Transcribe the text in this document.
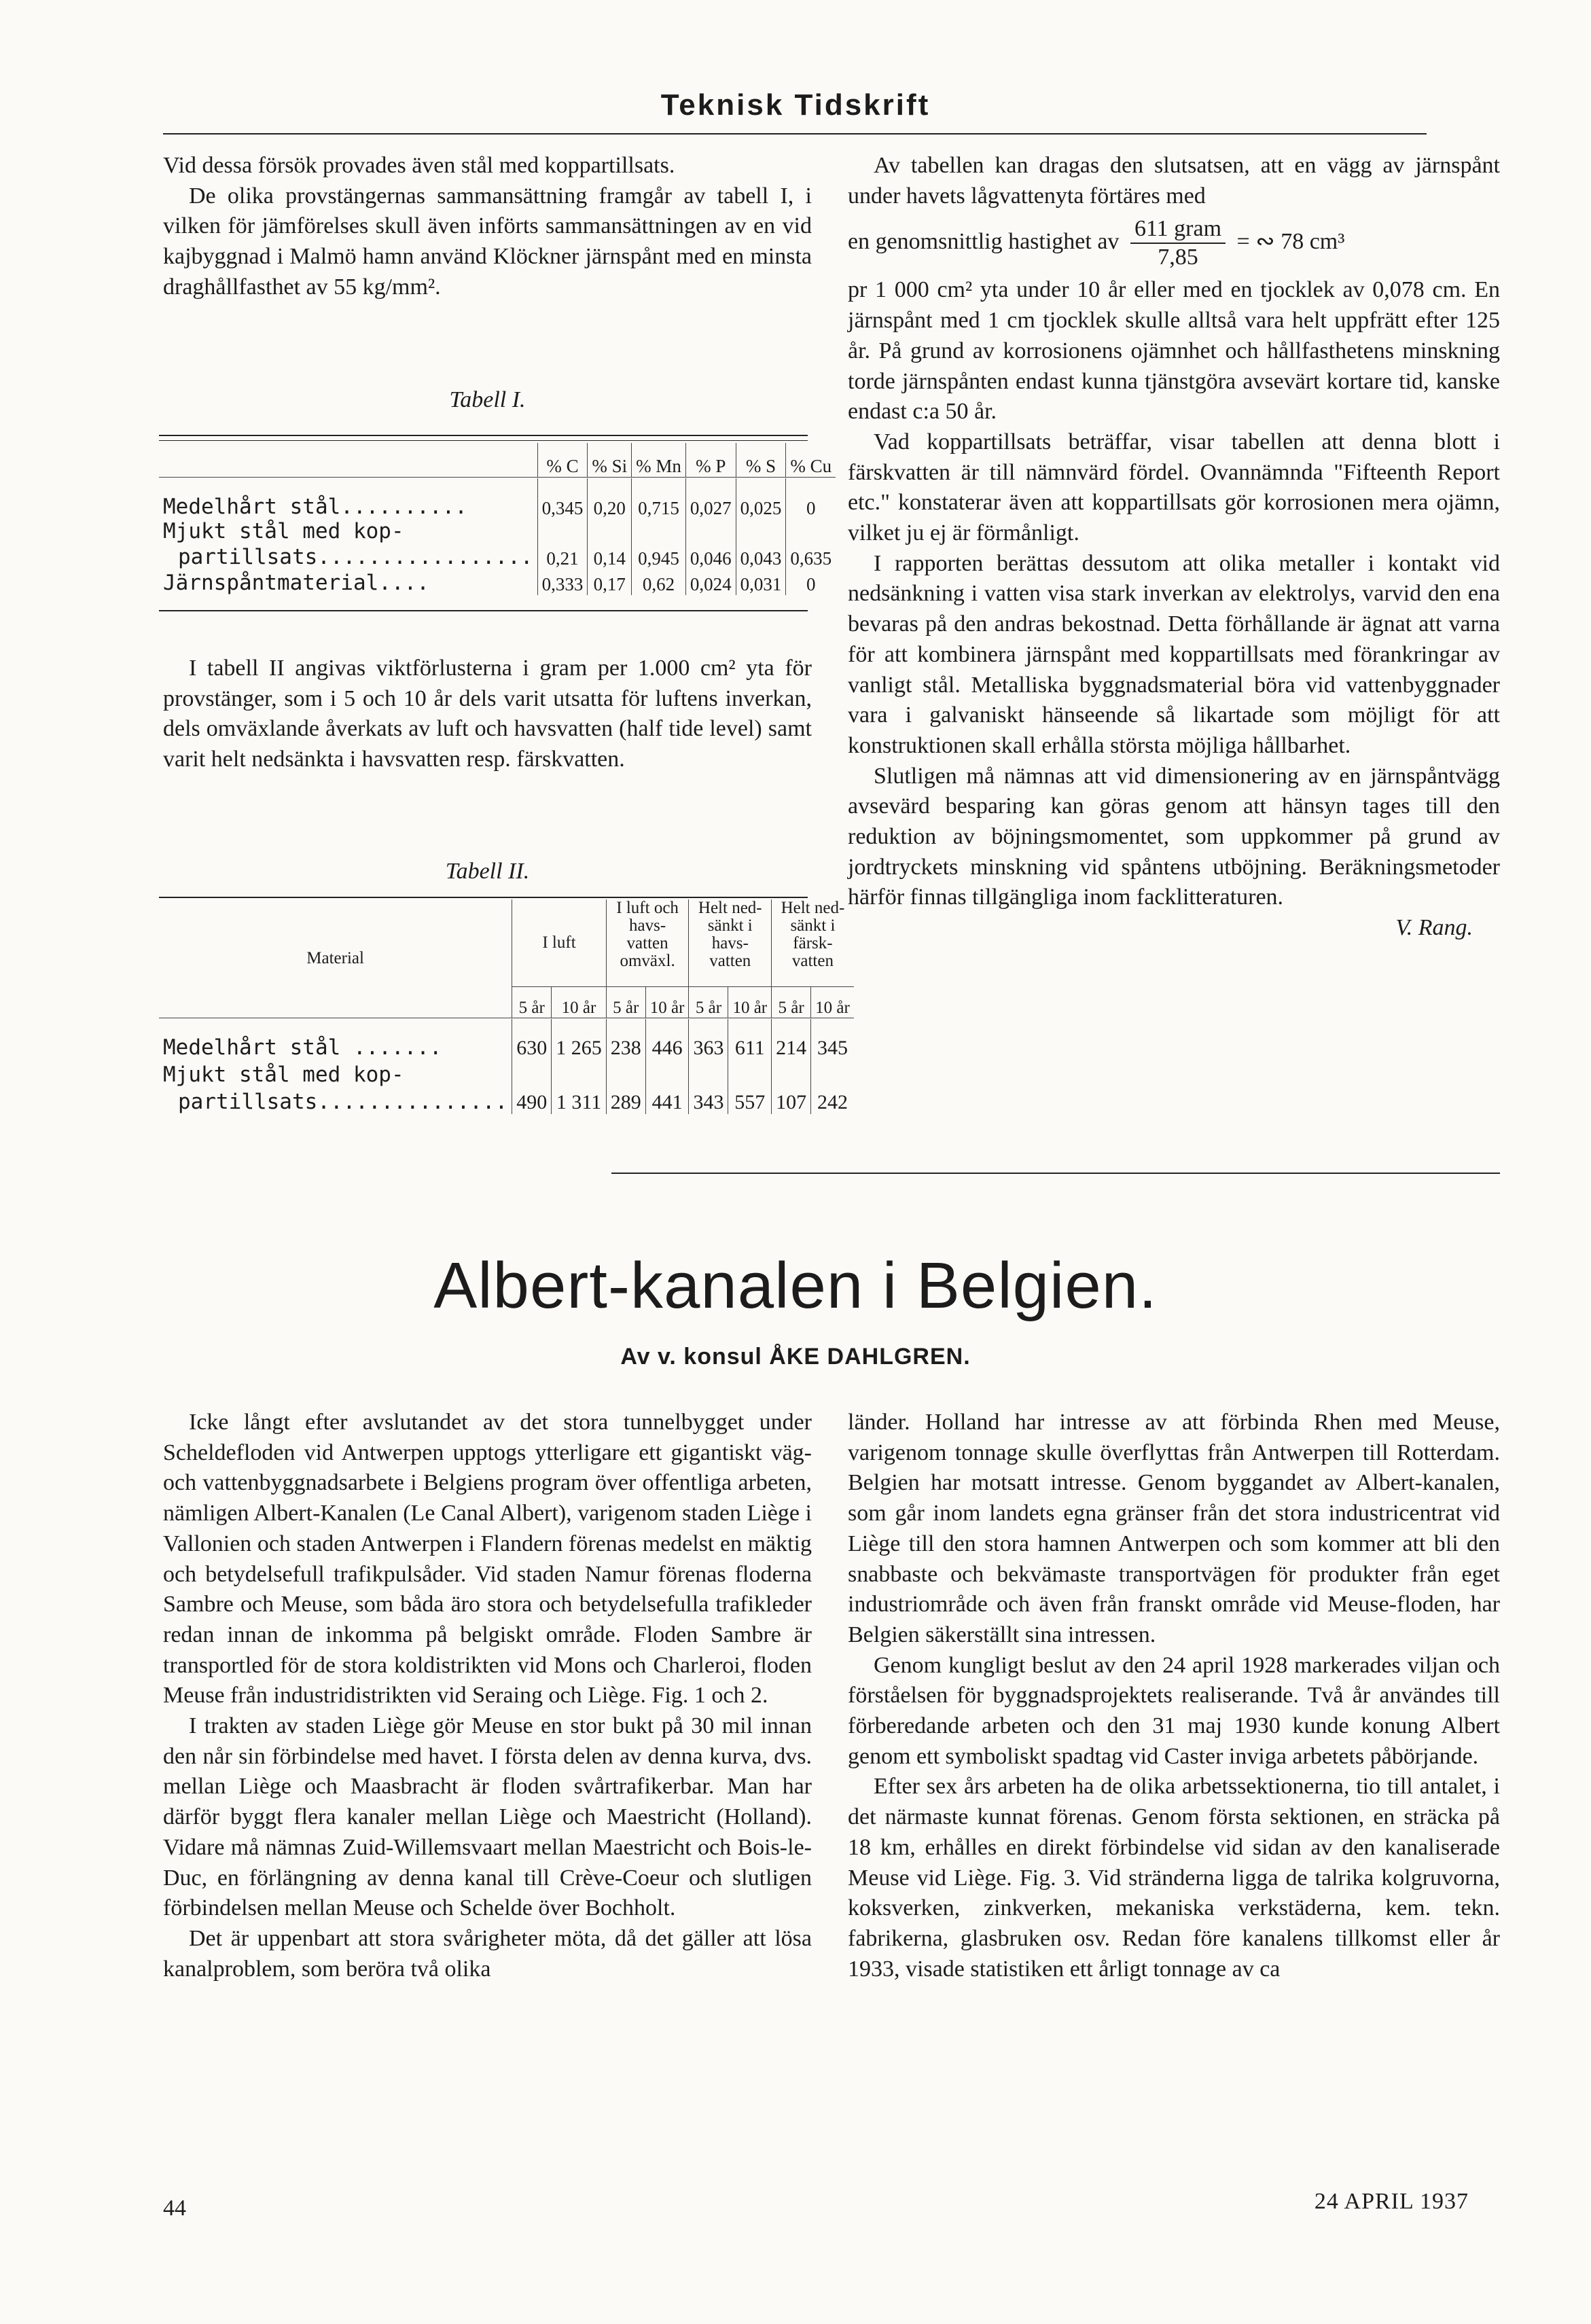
Teknisk Tidskrift

Vid dessa försök provades även stål med koppartillsats.

De olika provstängernas sammansättning framgår av tabell I, i vilken för jämförelses skull även införts sammansättningen av en vid kajbyggnad i Malmö hamn använd Klöckner järnspånt med en minsta draghållfasthet av 55 kg/mm².

Tabell I.
	% C	% Si	% Mn	% P	% S	% Cu

Medelhårt stål..........	0,345	0,20	0,715	0,027	0,025	0
Mjukt stål med kop-						
partillsats.................	0,21	0,14	0,945	0,046	0,043	0,635
Järnspåntmaterial....	0,333	0,17	0,62	0,024	0,031	0

I tabell II angivas viktförlusterna i gram per 1.000 cm² yta för provstänger, som i 5 och 10 år dels varit utsatta för luftens inverkan, dels omväxlande åverkats av luft och havsvatten (half tide level) samt varit helt nedsänkta i havsvatten resp. färskvatten.

Tabell II.
Material	I luft		I luft och havs-vatten omväxl.		Helt ned-sänkt i havs-vatten		Helt ned-sänkt i färsk-vatten	
	5 år	10 år	5 år	10 år	5 år	10 år	5 år	10 år

Medelhårt stål .......	630	1 265	238	446	363	611	214	345
Mjukt stål med kop-								
partillsats...............	490	1 311	289	441	343	557	107	242

Av tabellen kan dragas den slutsatsen, att en vägg av järnspånt under havets lågvattenyta förtäres med

en genomsnittlig hastighet av $\frac{\text{611 gram}}{7,85}$ = ∾ 78 cm³

pr 1 000 cm² yta under 10 år eller med en tjocklek av 0,078 cm. En järnspånt med 1 cm tjocklek skulle alltså vara helt uppfrätt efter 125 år. På grund av korrosionens ojämnhet och hållfasthetens minskning torde järnspånten endast kunna tjänstgöra avsevärt kortare tid, kanske endast c:a 50 år.

Vad koppartillsats beträffar, visar tabellen att denna blott i färskvatten är till nämnvärd fördel. Ovannämnda "Fifteenth Report etc." konstaterar även att koppartillsats gör korrosionen mera ojämn, vilket ju ej är förmånligt.

I rapporten berättas dessutom att olika metaller i kontakt vid nedsänkning i vatten visa stark inverkan av elektrolys, varvid den ena bevaras på den andras bekostnad. Detta förhållande är ägnat att varna för att kombinera järnspånt med koppartillsats med förankringar av vanligt stål. Metalliska byggnadsmaterial böra vid vattenbyggnader vara i galvaniskt hänseende så likartade som möjligt för att konstruktionen skall erhålla största möjliga hållbarhet.

Slutligen må nämnas att vid dimensionering av en järnspåntvägg avsevärd besparing kan göras genom att hänsyn tages till den reduktion av böjningsmomentet, som uppkommer på grund av jordtryckets minskning vid spåntens utböjning. Beräkningsmetoder härför finnas tillgängliga inom facklitteraturen.

V. Rang.
Albert-kanalen i Belgien.
Av v. konsul ÅKE DAHLGREN.

Icke långt efter avslutandet av det stora tunnelbygget under Scheldefloden vid Antwerpen upptogs ytterligare ett gigantiskt väg- och vattenbyggnadsarbete i Belgiens program över offentliga arbeten, nämligen Albert-Kanalen (Le Canal Albert), varigenom staden Liège i Vallonien och staden Antwerpen i Flandern förenas medelst en mäktig och betydelsefull trafikpulsåder. Vid staden Namur förenas floderna Sambre och Meuse, som båda äro stora och betydelsefulla trafikleder redan innan de inkomma på belgiskt område. Floden Sambre är transportled för de stora koldistrikten vid Mons och Charleroi, floden Meuse från industridistrikten vid Seraing och Liège. Fig. 1 och 2.

I trakten av staden Liège gör Meuse en stor bukt på 30 mil innan den når sin förbindelse med havet. I första delen av denna kurva, dvs. mellan Liège och Maasbracht är floden svårtrafikerbar. Man har därför byggt flera kanaler mellan Liège och Maestricht (Holland). Vidare må nämnas Zuid-Willemsvaart mellan Maestricht och Bois-le-Duc, en förlängning av denna kanal till Crève-Coeur och slutligen förbindelsen mellan Meuse och Schelde över Bochholt.

Det är uppenbart att stora svårigheter möta, då det gäller att lösa kanalproblem, som beröra två olika

länder. Holland har intresse av att förbinda Rhen med Meuse, varigenom tonnage skulle överflyttas från Antwerpen till Rotterdam. Belgien har motsatt intresse. Genom byggandet av Albert-kanalen, som går inom landets egna gränser från det stora industricentrat vid Liège till den stora hamnen Antwerpen och som kommer att bli den snabbaste och bekvämaste transportvägen för produkter från eget industriområde och även från franskt område vid Meuse-floden, har Belgien säkerställt sina intressen.

Genom kungligt beslut av den 24 april 1928 markerades viljan och förståelsen för byggnadsprojektets realiserande. Två år användes till förberedande arbeten och den 31 maj 1930 kunde konung Albert genom ett symboliskt spadtag vid Caster inviga arbetets påbörjande.

Efter sex års arbeten ha de olika arbetssektionerna, tio till antalet, i det närmaste kunnat förenas. Genom första sektionen, en sträcka på 18 km, erhålles en direkt förbindelse vid sidan av den kanaliserade Meuse vid Liège. Fig. 3. Vid stränderna ligga de talrika kolgruvorna, koksverken, zinkverken, mekaniska verkstäderna, kem. tekn. fabrikerna, glasbruken osv. Redan före kanalens tillkomst eller år 1933, visade statistiken ett årligt tonnage av ca

44	24 APRIL 1937
